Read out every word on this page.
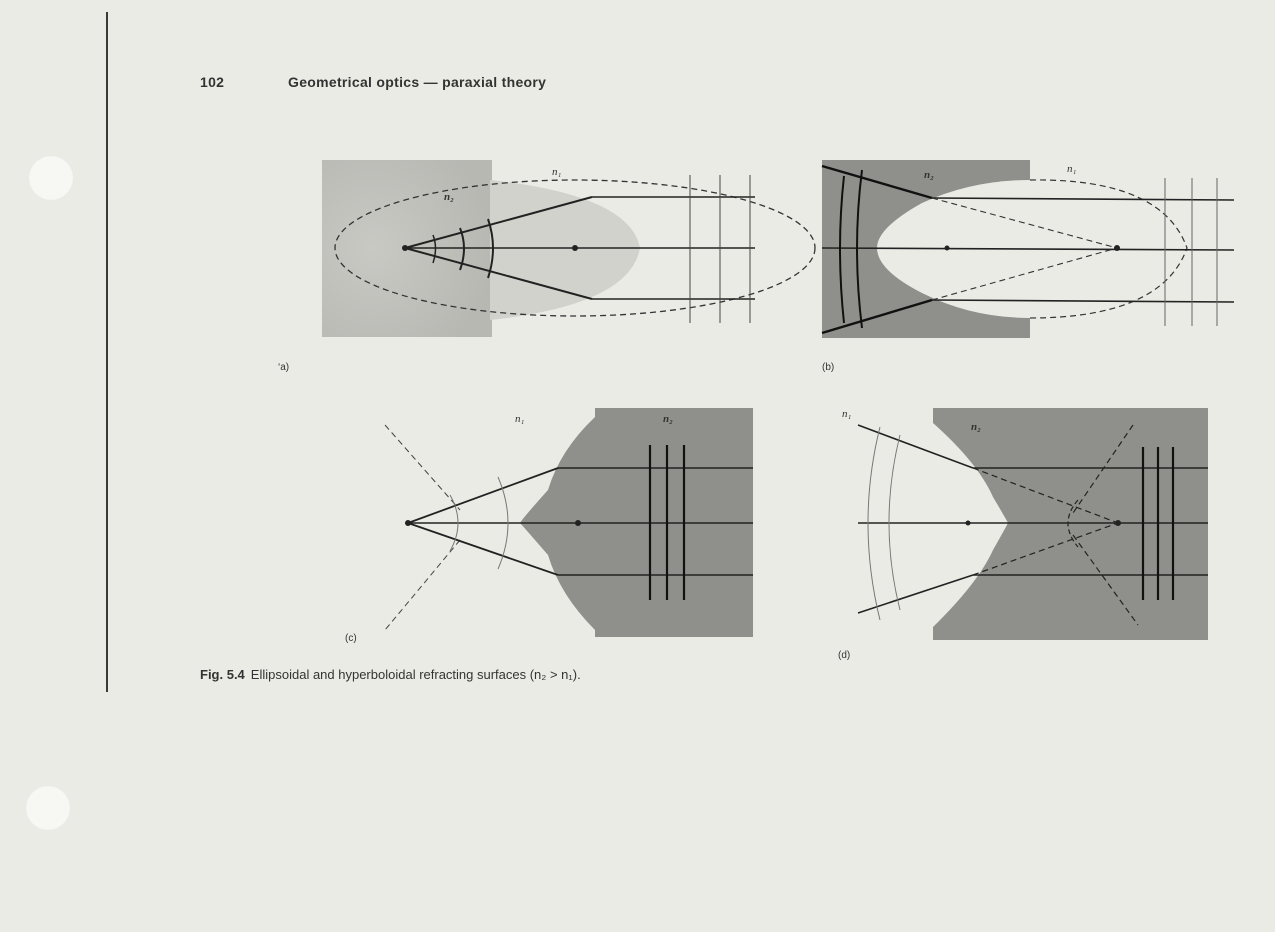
102	Geometrical optics — paraxial theory
n₁
n₂
‘a)
n₁
n₂
(b)
n₁	n₂
(c)
n₁
n₂
(d)
Fig. 5.4 Ellipsoidal and hyperboloidal refracting surfaces (n₂ > n₁).
